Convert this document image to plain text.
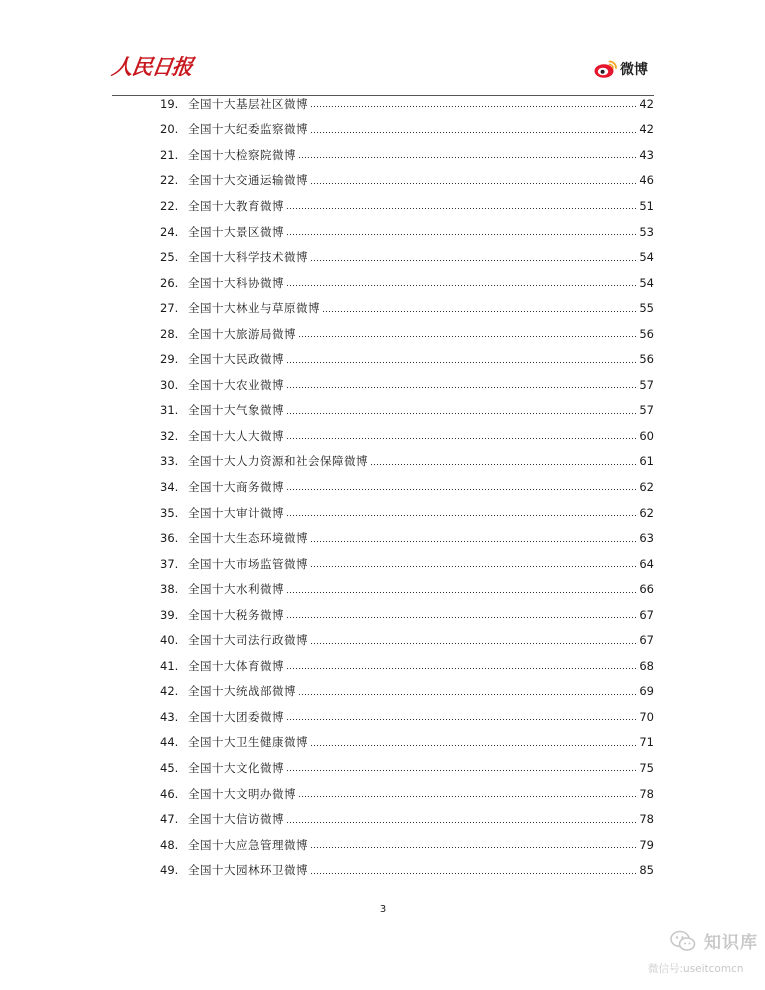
人民日报	微博
19. 全国十大基层社区微博	42
20. 全国十大纪委监察微博	42
21. 全国十大检察院微博	43
22. 全国十大交通运输微博	46
22. 全国十大教育微博	51
24. 全国十大景区微博	53
25. 全国十大科学技术微博	54
26. 全国十大科协微博	54
27. 全国十大林业与草原微博	55
28. 全国十大旅游局微博	56
29. 全国十大民政微博	56
30. 全国十大农业微博	57
31. 全国十大气象微博	57
32. 全国十大人大微博	60
33. 全国十大人力资源和社会保障微博	61
34. 全国十大商务微博	62
35. 全国十大审计微博	62
36. 全国十大生态环境微博	63
37. 全国十大市场监管微博	64
38. 全国十大水利微博	66
39. 全国十大税务微博	67
40. 全国十大司法行政微博	67
41. 全国十大体育微博	68
42. 全国十大统战部微博	69
43. 全国十大团委微博	70
44. 全国十大卫生健康微博	71
45. 全国十大文化微博	75
46. 全国十大文明办微博	78
47. 全国十大信访微博	78
48. 全国十大应急管理微博	79
49. 全国十大园林环卫微博	85
3
知识库
微信号:useitcomcn
